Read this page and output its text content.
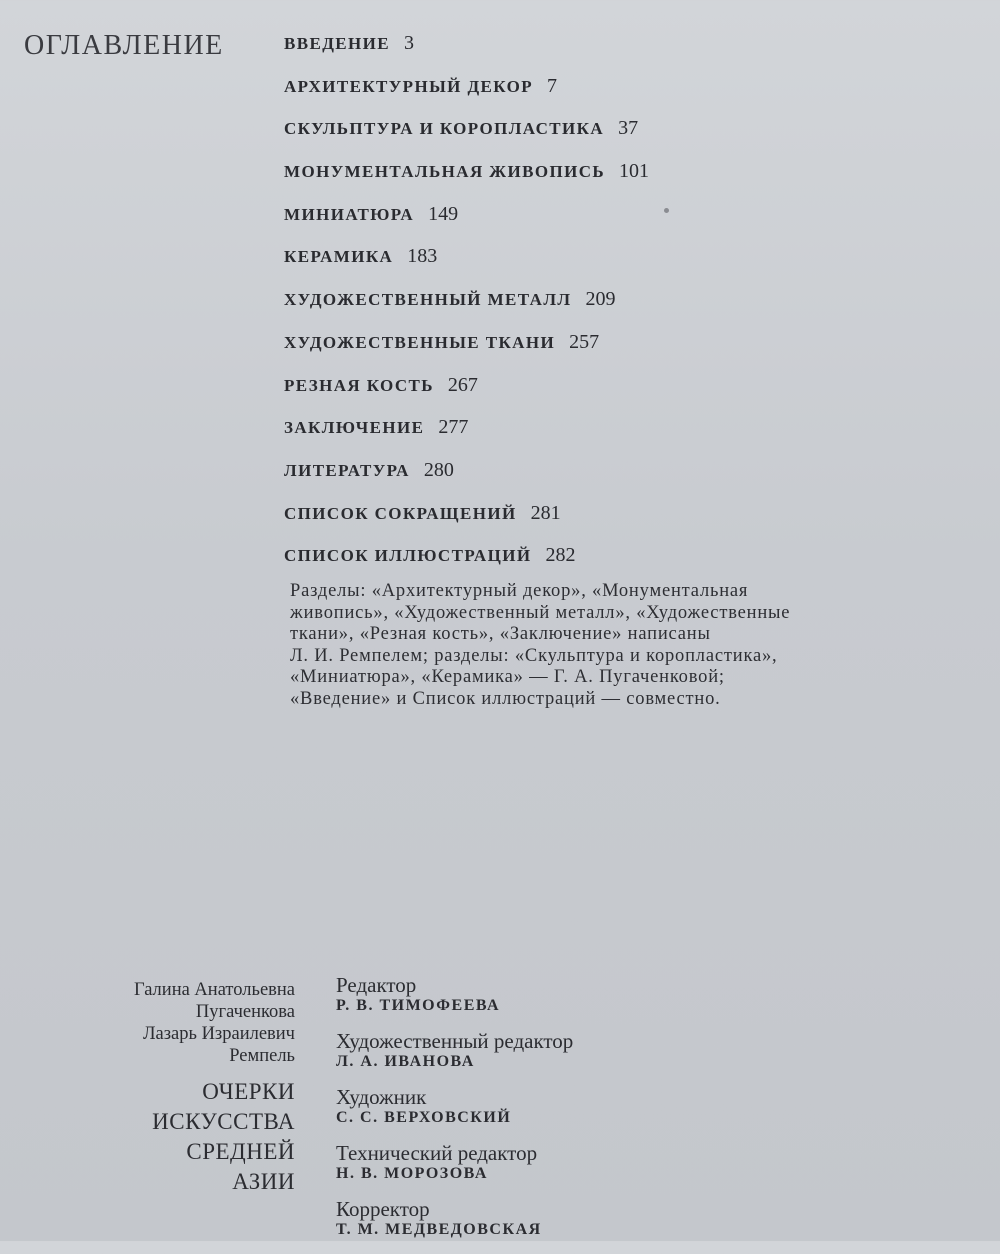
ОГЛАВЛЕНИЕ	ВВЕДЕНИЕ 3
АРХИТЕКТУРНЫЙ ДЕКОР 7
СКУЛЬПТУРА И КОРОПЛАСТИКА 37
МОНУМЕНТАЛЬНАЯ ЖИВОПИСЬ 101
МИНИАТЮРА 149
КЕРАМИКА 183
ХУДОЖЕСТВЕННЫЙ МЕТАЛЛ 209
ХУДОЖЕСТВЕННЫЕ ТКАНИ 257
РЕЗНАЯ КОСТЬ 267
ЗАКЛЮЧЕНИЕ 277
ЛИТЕРАТУРА 280
СПИСОК СОКРАЩЕНИЙ 281
СПИСОК ИЛЛЮСТРАЦИЙ 282
Разделы: «Архитектурный декор», «Монументальная
живопись», «Художественный металл», «Художественные
ткани», «Резная кость», «Заключение» написаны
Л. И. Ремпелем; разделы: «Скульптура и коропластика»,
«Миниатюра», «Керамика» — Г. А. Пугаченковой;
«Введение» и Список иллюстраций — совместно.
Галина Анатольевна
Пугаченкова
Лазарь Израилевич
Ремпель
ОЧЕРКИ
ИСКУССТВА
СРЕДНЕЙ
АЗИИ
Редактор
Р. В. ТИМОФЕЕВА
Художественный редактор
Л. А. ИВАНОВА
Художник
С. С. ВЕРХОВСКИЙ
Технический редактор
Н. В. МОРОЗОВА
Корректор
Т. М. МЕДВЕДОВСКАЯ
